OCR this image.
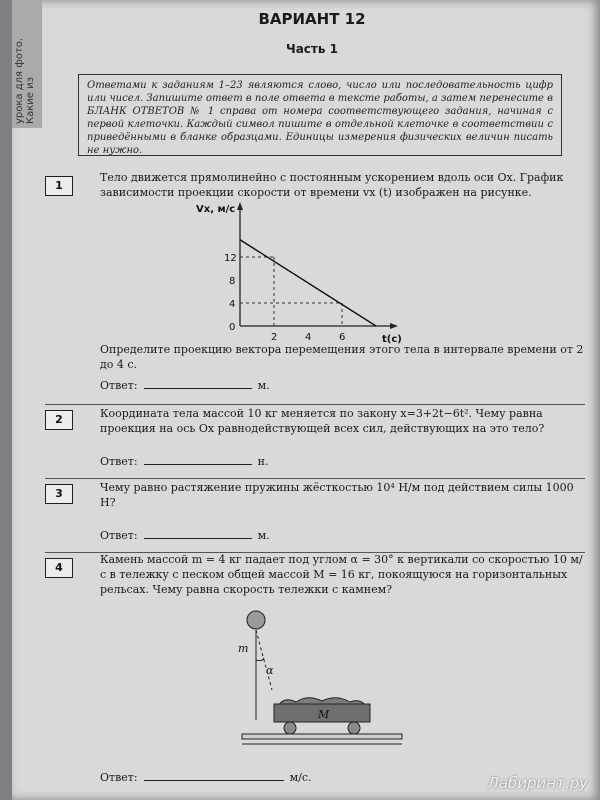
урока для фото. Какие из
ВАРИАНТ 12
Часть 1
Ответами к заданиям 1–23 являются слово, число или последовательность цифр или чисел. Запишите ответ в поле ответа в тексте работы, а затем перенесите в БЛАНК ОТВЕТОВ № 1 справа от номера соответствующего задания, начиная с первой клеточки. Каждый символ пишите в отдельной клеточке в соответствии с приведёнными в бланке образцами. Единицы измерения физических величин писать не нужно.
1
Тело движется прямолинейно с постоянным ускорением вдоль оси Ox. График зависимости проекции скорости от времени vx (t) изображен на рисунке.
Vx, м/с
12
8
4
0
2	4	6	t(c)
Определите проекцию вектора перемещения этого тела в интервале времени от 2 до 4 с.
Ответ:	м.
2	Координата тела массой 10 кг меняется по закону x=3+2t−6t². Чему равна проекция на ось Ox равнодействующей всех сил, действующих на это тело?
Ответ:	н.
3	Чему равно растяжение пружины жёсткостью 10⁴ Н/м под действием силы 1000 Н?
Ответ:	м.
4
Камень массой m = 4 кг падает под углом α = 30° к вертикали со скоростью 10 м/с в тележку с песком общей массой M = 16 кг, покоящуюся на горизонтальных рельсах. Чему равна скорость тележки с камнем?
m
α
M
Ответ:	м/с.	Лабиринт.ру
